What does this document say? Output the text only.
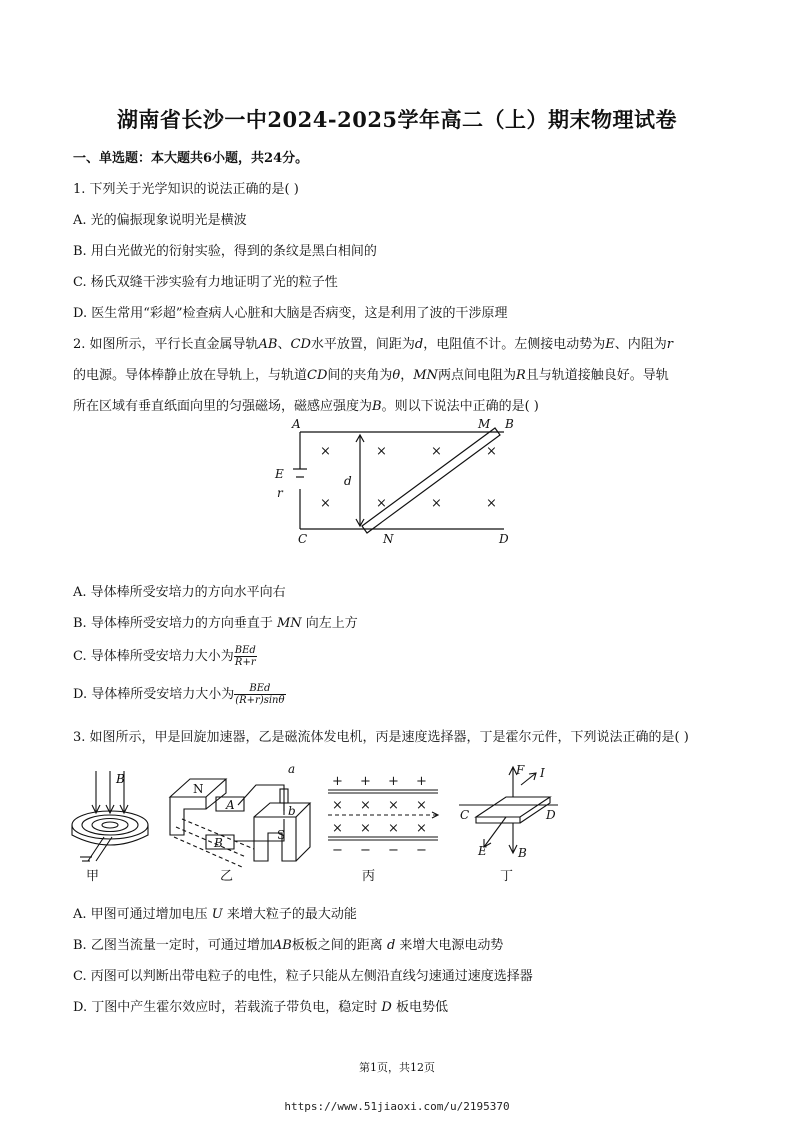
湖南省长沙一中2024-2025学年高二（上）期末物理试卷
一、单选题：本大题共6小题，共24分。
1. 下列关于光学知识的说法正确的是( )
A. 光的偏振现象说明光是横波
B. 用白光做光的衍射实验，得到的条纹是黑白相间的
C. 杨氏双缝干涉实验有力地证明了光的粒子性
D. 医生常用“彩超”检查病人心脏和大脑是否病变，这是利用了波的干涉原理
2. 如图所示，平行长直金属导轨AB、CD水平放置，间距为d，电阻值不计。左侧接电动势为E、内阻为r
的电源。导体棒静止放在导轨上，与轨道CD间的夹角为θ，MN两点间电阻为R且与轨道接触良好。导轨
所在区域有垂直纸面向里的匀强磁场，磁感应强度为B。则以下说法中正确的是( )
A	B
M
C	D
N
E
r
d
×	×	×	×
×	×	×	×
A. 导体棒所受安培力的方向水平向右
B. 导体棒所受安培力的方向垂直于 MN 向左上方
C. 导体棒所受安培力大小为 $\frac{\text{BEd}}{R+r}$
D. 导体棒所受安培力大小为 $\frac{\text{BEd}}{(R+r)\sin\theta}$
3. 如图所示，甲是回旋加速器，乙是磁流体发电机，丙是速度选择器，丁是霍尔元件，下列说法正确的是( )
B
N
A
B
S
a
b
+ + + +
× × × ×
× × × ×
− − − −
F I
C	D
E	B
甲	乙	丙	丁
A. 甲图可通过增加电压 U 来增大粒子的最大动能
B. 乙图当流量一定时，可通过增加AB板板之间的距离 d 来增大电源电动势
C. 丙图可以判断出带电粒子的电性，粒子只能从左侧沿直线匀速通过速度选择器
D. 丁图中产生霍尔效应时，若载流子带负电，稳定时 D 板电势低
第1页，共12页
https://www.51jiaoxi.com/u/2195370
